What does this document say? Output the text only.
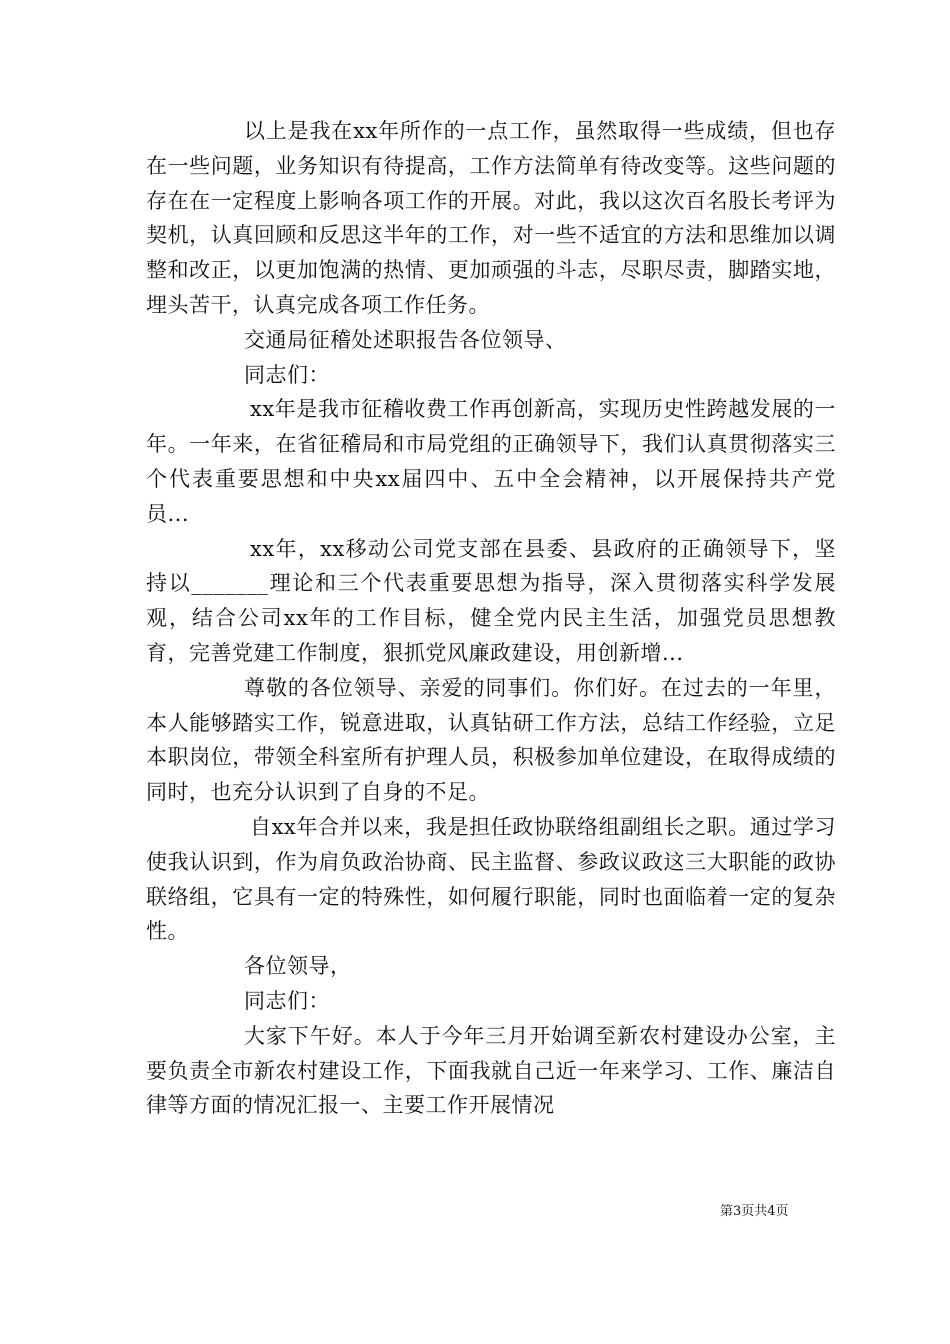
以上是我在xx年所作的一点工作，虽然取得一些成绩，但也存在一些问题，业务知识有待提高，工作方法简单有待改变等。这些问题的存在在一定程度上影响各项工作的开展。对此，我以这次百名股长考评为契机，认真回顾和反思这半年的工作，对一些不适宜的方法和思维加以调整和改正，以更加饱满的热情、更加顽强的斗志，尽职尽责，脚踏实地，埋头苦干，认真完成各项工作任务。

交通局征稽处述职报告各位领导、

同志们：

xx年是我市征稽收费工作再创新高，实现历史性跨越发展的一年。一年来，在省征稽局和市局党组的正确领导下，我们认真贯彻落实三个代表重要思想和中央xx届四中、五中全会精神，以开展保持共产党员...

xx年，xx移动公司党支部在县委、县政府的正确领导下，坚持以_______理论和三个代表重要思想为指导，深入贯彻落实科学发展观，结合公司xx年的工作目标，健全党内民主生活，加强党员思想教育，完善党建工作制度，狠抓党风廉政建设，用创新增...

尊敬的各位领导、亲爱的同事们。你们好。在过去的一年里，本人能够踏实工作，锐意进取，认真钻研工作方法，总结工作经验，立足本职岗位，带领全科室所有护理人员，积极参加单位建设，在取得成绩的同时，也充分认识到了自身的不足。

自xx年合并以来，我是担任政协联络组副组长之职。通过学习使我认识到，作为肩负政治协商、民主监督、参政议政这三大职能的政协联络组，它具有一定的特殊性，如何履行职能，同时也面临着一定的复杂性。

各位领导，

同志们：

大家下午好。本人于今年三月开始调至新农村建设办公室，主要负责全市新农村建设工作，下面我就自己近一年来学习、工作、廉洁自律等方面的情况汇报一、主要工作开展情况

第3页共4页
